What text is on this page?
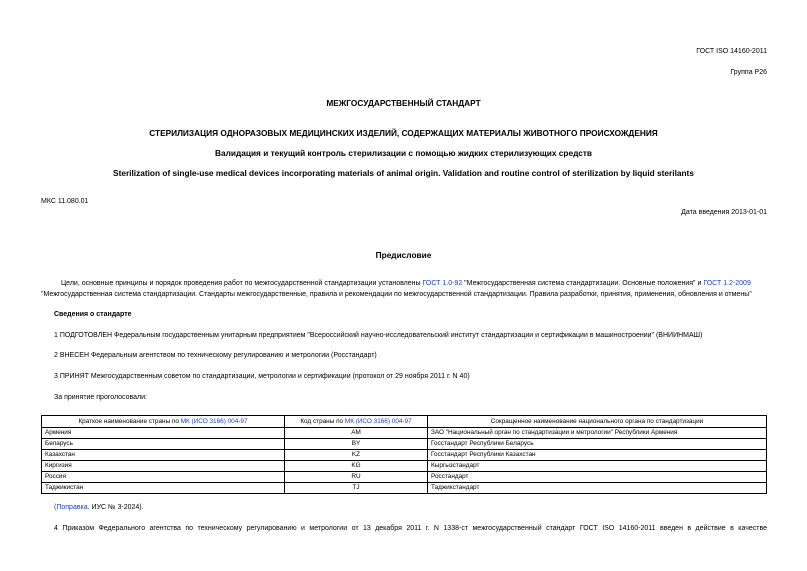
ГОСТ ISO 14160-2011
Группа Р26
МЕЖГОСУДАРСТВЕННЫЙ СТАНДАРТ
СТЕРИЛИЗАЦИЯ ОДНОРАЗОВЫХ МЕДИЦИНСКИХ ИЗДЕЛИЙ, СОДЕРЖАЩИХ МАТЕРИАЛЫ ЖИВОТНОГО ПРОИСХОЖДЕНИЯ
Валидация и текущий контроль стерилизации с помощью жидких стерилизующих средств
Sterilization of single-use medical devices incorporating materials of animal origin. Validation and routine control of sterilization by liquid sterilants
МКС 11.080.01
Дата введения 2013-01-01
Предисловие
Цели, основные принципы и порядок проведения работ по межгосударственной стандартизации установлены ГОСТ 1.0-92 "Межгосударственная система стандартизации. Основные положения" и ГОСТ 1.2-2009
"Межгосударственная система стандартизации. Стандарты межгосударственные, правила и рекомендации по межгосударственной стандартизации. Правила разработки, принятия, применения, обновления и отмены"
Сведения о стандарте
1 ПОДГОТОВЛЕН Федеральным государственным унитарным предприятием "Всероссийский научно-исследовательский институт стандартизации и сертификации в машиностроении" (ВНИИНМАШ)
2 ВНЕСЕН Федеральным агентством по техническому регулированию и метрологии (Росстандарт)
3 ПРИНЯТ Межгосударственным советом по стандартизации, метрологии и сертификации (протокол от 29 ноября 2011 г. N 40)
За принятие проголосовали:
Краткое наименование страны по МК (ИСО 3166) 004-97	Код страны по МК (ИСО 3166) 004-97	Сокращенное наименование национального органа по стандартизации
Армения	AM	ЗАО "Национальный орган по стандартизации и метрологии" Республики Армения
Беларусь	BY	Госстандарт Республики Беларусь
Казахстан	KZ	Госстандарт Республики Казахстан
Киргизия	KG	Кыргызстандарт
Россия	RU	Росстандарт
Таджикистан	TJ	Таджикстандарт
(Поправка. ИУС № 3-2024).
4 Приказом Федерального агентства по техническому регулированию и метрологии от 13 декабря 2011 г. N 1338-ст межгосударственный стандарт ГОСТ ISO 14160-2011 введен в действие в качестве
